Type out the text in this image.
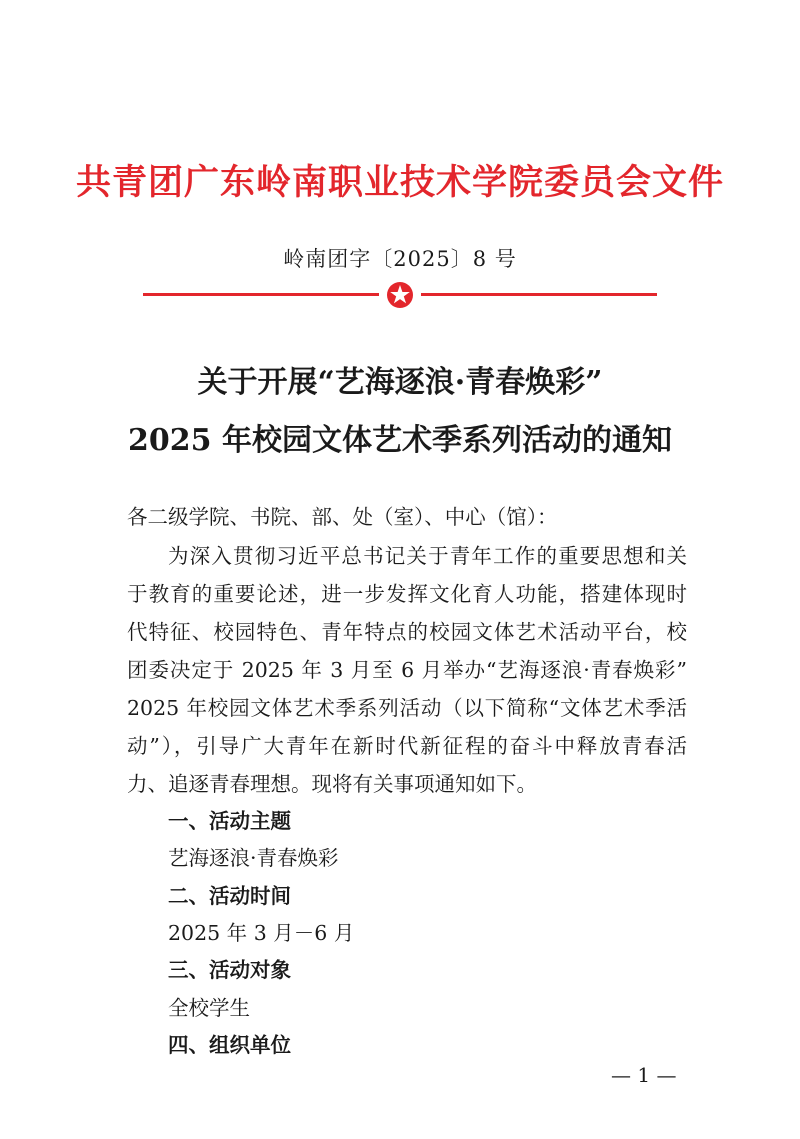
共青团广东岭南职业技术学院委员会文件
岭南团字〔2025〕8 号
关于开展“艺海逐浪·青春焕彩”
2025 年校园文体艺术季系列活动的通知
各二级学院、书院、部、处（室）、中心（馆）：
为深入贯彻习近平总书记关于青年工作的重要思想和关
于教育的重要论述，进一步发挥文化育人功能，搭建体现时
代特征、校园特色、青年特点的校园文体艺术活动平台，校
团委决定于 2025 年 3 月至 6 月举办“艺海逐浪·青春焕彩”
2025 年校园文体艺术季系列活动（以下简称“文体艺术季活
动”），引导广大青年在新时代新征程的奋斗中释放青春活
力、追逐青春理想。现将有关事项通知如下。
一、活动主题
艺海逐浪·青春焕彩
二、活动时间
2025 年 3 月－6 月
三、活动对象
全校学生
四、组织单位
— 1 —
